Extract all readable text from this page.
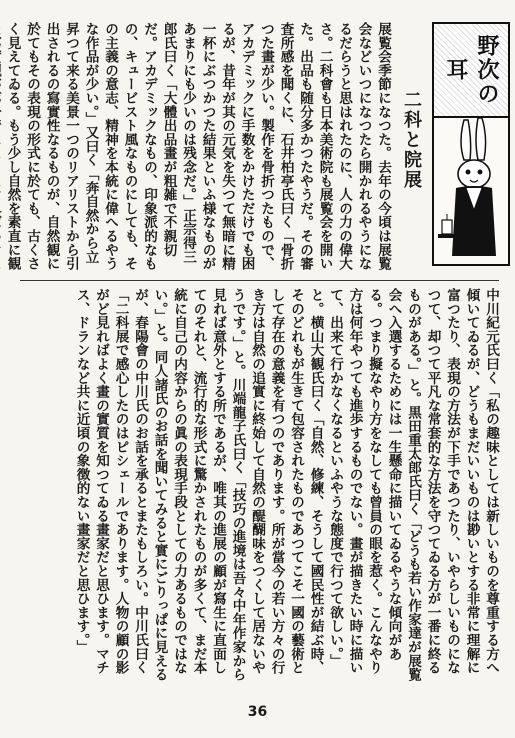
野次の耳
二科と院展
展覧会季節になつた。去年の今頃は展覧会などいつになつたら開かれるやうになるだらうと思はれたのに、人の力の偉大さ。二科會も日本美術院も展覧会を開いた。出品も随分多かつたやうだ。その審査所感を聞くに、石井柏亭氏曰く「骨折つた畫が少い。製作を骨折つたもので、アカデミックに手数をかけただけでも困るが、昔年が其の元気を失つて無暗に精一杯にぶつかつた結果といふ様なものがあまりにも少いのは残念だ。」正宗得三郎氏曰く「大體出品畫が粗雑で不親切だ。アカデミックなもの、印象派的なもの、キュービスト風なものにしても、その主義の意志、精神を本統に偉へるやうな作品が少い。」又曰く「奔自然から立昇つて来る美景一つのリアリストから引出されるの寫實性なるものが、自然観に於てもその表現の形式に於ても、古くさく見えてゐる。もう少し自然を素直に観
中川紀元氏曰く「私の趣味としては新しいものを尊重する方へ傾いてゐるが、どうもまだいいものは尠いとする非常に理解に富つたり、表現の方法が下手であつたり、いやらしいものになつて、却つて平凡な常套的な方法を守つてゐる方が一番に終るものがある。」と。黒田重太郎氏曰く「どうも若い作家達が展覧会へ入選するためには一生懸命に描いてゐるやうな傾向がある。つまり擬なやり方をなしても曾員の眼を惹く。こんなやり方は何年やつても進歩するものでない。畫が描きたい時に描いて、出来て行かなくなるといふやうな態度で行つて欲しい。」と。横山大観氏曰く「自然、修練、そうして國民性が結ぶ時、そのどれもが生きて包容されたものであつてこそ一國の藝術として存在の意義を有つのであります。所が當今の若い方々の行き方は自然の追實に終始して自然の醍醐味をつくして居ないやうです。」と。川端龍子氏曰く「技巧の進境は吾々中年作家から見れば意外とする所であるが、唯其の進展の顧が寫生に直面してのそれと、流行的な形式に驚かされたものが多くて、まだ本統に自己の内容からの眞の表現手段としての力あるものではない。」と。同人諸氏のお話を聞いてみると實にごりっぱに見えるが、春陽會の中川氏のお話を承るとまたもしろい。中川氏曰く「二科展で感心したのはピシェールであります。人物の顧の影がど見ればよく畫の實質を知つてゐる畫家だと思ひます。マチス、ドランなど共に近頃の象徴的ない畫家だと思ひます。」
36
